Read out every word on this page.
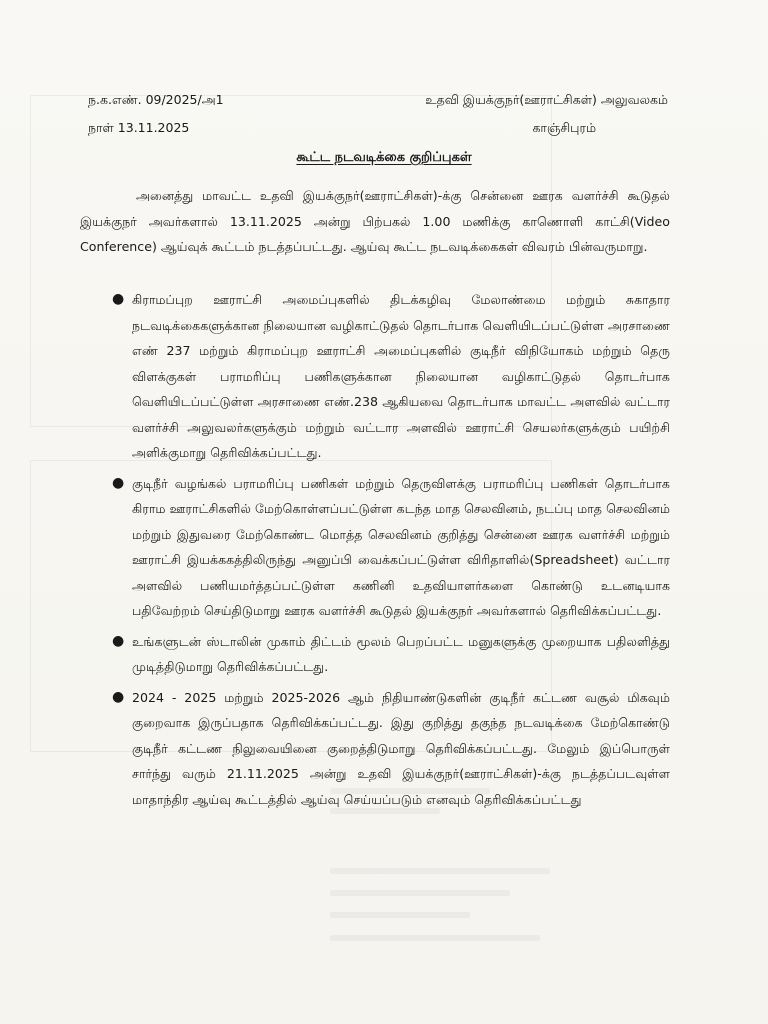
ந.க.எண். 09/2025/அ1
நாள் 13.11.2025
உதவி இயக்குநர்(ஊராட்சிகள்) அலுவலகம்
காஞ்சிபுரம்
கூட்ட நடவடிக்கை குறிப்புகள்

அனைத்து மாவட்ட உதவி இயக்குநர்(ஊராட்சிகள்)-க்கு சென்னை ஊரக வளர்ச்சி கூடுதல் இயக்குநர் அவர்களால் 13.11.2025 அன்று பிற்பகல் 1.00 மணிக்கு காணொளி காட்சி(Video Conference) ஆய்வுக் கூட்டம் நடத்தப்பட்டது. ஆய்வு கூட்ட நடவடிக்கைகள் விவரம் பின்வருமாறு.

● கிராமப்புற ஊராட்சி அமைப்புகளில் திடக்கழிவு மேலாண்மை மற்றும் சுகாதார நடவடிக்கைகளுக்கான நிலையான வழிகாட்டுதல் தொடர்பாக வெளியிடப்பட்டுள்ள அரசாணை எண் 237 மற்றும் கிராமப்புற ஊராட்சி அமைப்புகளில் குடிநீர் விநியோகம் மற்றும் தெரு விளக்குகள் பராமரிப்பு பணிகளுக்கான நிலையான வழிகாட்டுதல் தொடர்பாக வெளியிடப்பட்டுள்ள அரசாணை எண்.238 ஆகியவை தொடர்பாக மாவட்ட அளவில் வட்டார வளர்ச்சி அலுவலர்களுக்கும் மற்றும் வட்டார அளவில் ஊராட்சி செயலர்களுக்கும் பயிற்சி அளிக்குமாறு தெரிவிக்கப்பட்டது.
● குடிநீர் வழங்கல் பராமரிப்பு பணிகள் மற்றும் தெருவிளக்கு பராமரிப்பு பணிகள் தொடர்பாக கிராம ஊராட்சிகளில் மேற்கொள்ளப்பட்டுள்ள கடந்த மாத செலவினம், நடப்பு மாத செலவினம் மற்றும் இதுவரை மேற்கொண்ட மொத்த செலவினம் குறித்து சென்னை ஊரக வளர்ச்சி மற்றும் ஊராட்சி இயக்ககத்திலிருந்து அனுப்பி வைக்கப்பட்டுள்ள விரிதாளில்(Spreadsheet) வட்டார அளவில் பணியமர்த்தப்பட்டுள்ள கணினி உதவியாளர்களை கொண்டு உடனடியாக பதிவேற்றம் செய்திடுமாறு ஊரக வளர்ச்சி கூடுதல் இயக்குநர் அவர்களால் தெரிவிக்கப்பட்டது.
● உங்களுடன் ஸ்டாலின் முகாம் திட்டம் மூலம் பெறப்பட்ட மனுகளுக்கு முறையாக பதிலளித்து முடித்திடுமாறு தெரிவிக்கப்பட்டது.
● 2024 - 2025 மற்றும் 2025-2026 ஆம் நிதியாண்டுகளின் குடிநீர் கட்டண வசூல் மிகவும் குறைவாக இருப்பதாக தெரிவிக்கப்பட்டது. இது குறித்து தகுந்த நடவடிக்கை மேற்கொண்டு குடிநீர் கட்டண நிலுவையினை குறைத்திடுமாறு தெரிவிக்கப்பட்டது. மேலும் இப்பொருள் சார்ந்து வரும் 21.11.2025 அன்று உதவி இயக்குநர்(ஊராட்சிகள்)-க்கு நடத்தப்படவுள்ள மாதாந்திர ஆய்வு கூட்டத்தில் ஆய்வு செய்யப்படும் எனவும் தெரிவிக்கப்பட்டது
